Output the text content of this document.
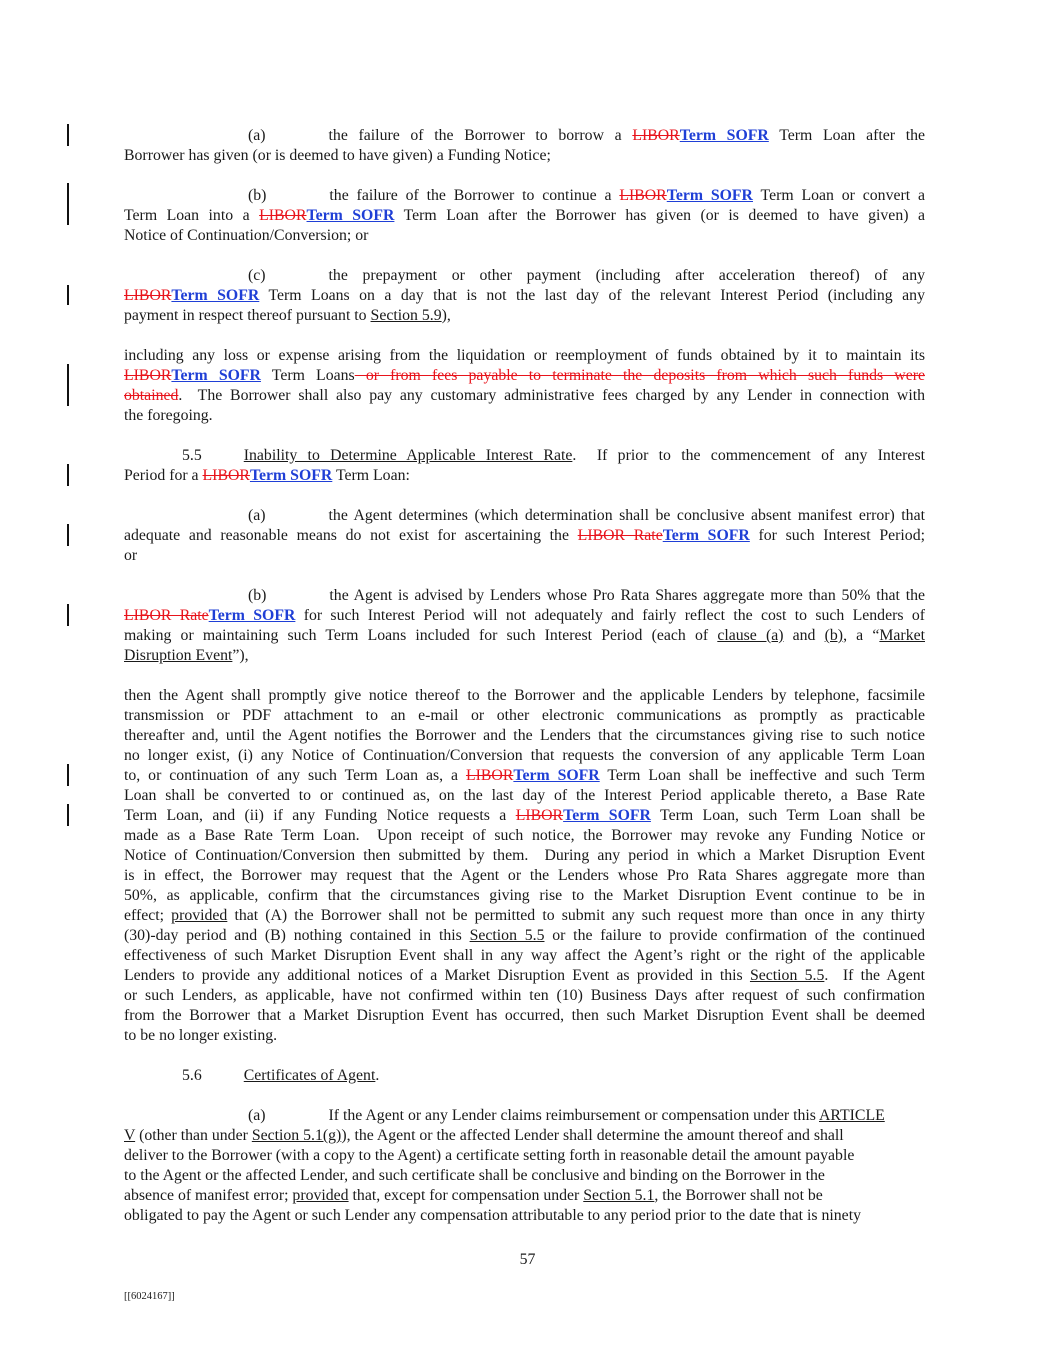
(a)	the failure of the Borrower to borrow a LIBORTerm SOFR Term Loan after the
Borrower has given (or is deemed to have given) a Funding Notice;
(b)	the failure of the Borrower to continue a LIBORTerm SOFR Term Loan or convert a
Term Loan into a LIBORTerm SOFR Term Loan after the Borrower has given (or is deemed to have given) a
Notice of Continuation/Conversion; or
(c)	the prepayment or other payment (including after acceleration thereof) of any
LIBORTerm SOFR Term Loans on a day that is not the last day of the relevant Interest Period (including any
payment in respect thereof pursuant to Section 5.9),
including any loss or expense arising from the liquidation or reemployment of funds obtained by it to maintain its
LIBORTerm SOFR Term Loans or from fees payable to terminate the deposits from which such funds were
obtained.  The Borrower shall also pay any customary administrative fees charged by any Lender in connection with
the foregoing.
5.5	Inability to Determine Applicable Interest Rate.  If prior to the commencement of any Interest
Period for a LIBORTerm SOFR Term Loan:
(a)	the Agent determines (which determination shall be conclusive absent manifest error) that
adequate and reasonable means do not exist for ascertaining the LIBOR RateTerm SOFR for such Interest Period;
or
(b)	the Agent is advised by Lenders whose Pro Rata Shares aggregate more than 50% that the
LIBOR RateTerm SOFR for such Interest Period will not adequately and fairly reflect the cost to such Lenders of
making or maintaining such Term Loans included for such Interest Period (each of clause (a) and (b), a “Market
Disruption Event”),
then the Agent shall promptly give notice thereof to the Borrower and the applicable Lenders by telephone, facsimile
transmission or PDF attachment to an e-mail or other electronic communications as promptly as practicable
thereafter and, until the Agent notifies the Borrower and the Lenders that the circumstances giving rise to such notice
no longer exist, (i) any Notice of Continuation/Conversion that requests the conversion of any applicable Term Loan
to, or continuation of any such Term Loan as, a LIBORTerm SOFR Term Loan shall be ineffective and such Term
Loan shall be converted to or continued as, on the last day of the Interest Period applicable thereto, a Base Rate
Term Loan, and (ii) if any Funding Notice requests a LIBORTerm SOFR Term Loan, such Term Loan shall be
made as a Base Rate Term Loan.  Upon receipt of such notice, the Borrower may revoke any Funding Notice or
Notice of Continuation/Conversion then submitted by them.  During any period in which a Market Disruption Event
is in effect, the Borrower may request that the Agent or the Lenders whose Pro Rata Shares aggregate more than
50%, as applicable, confirm that the circumstances giving rise to the Market Disruption Event continue to be in
effect; provided that (A) the Borrower shall not be permitted to submit any such request more than once in any thirty
(30)-day period and (B) nothing contained in this Section 5.5 or the failure to provide confirmation of the continued
effectiveness of such Market Disruption Event shall in any way affect the Agent’s right or the right of the applicable
Lenders to provide any additional notices of a Market Disruption Event as provided in this Section 5.5.  If the Agent
or such Lenders, as applicable, have not confirmed within ten (10) Business Days after request of such confirmation
from the Borrower that a Market Disruption Event has occurred, then such Market Disruption Event shall be deemed
to be no longer existing.
5.6	Certificates of Agent.
(a)	If the Agent or any Lender claims reimbursement or compensation under this ARTICLE
V (other than under Section 5.1(g)), the Agent or the affected Lender shall determine the amount thereof and shall
deliver to the Borrower (with a copy to the Agent) a certificate setting forth in reasonable detail the amount payable
to the Agent or the affected Lender, and such certificate shall be conclusive and binding on the Borrower in the
absence of manifest error; provided that, except for compensation under Section 5.1, the Borrower shall not be
obligated to pay the Agent or such Lender any compensation attributable to any period prior to the date that is ninety
57
[[6024167]]
